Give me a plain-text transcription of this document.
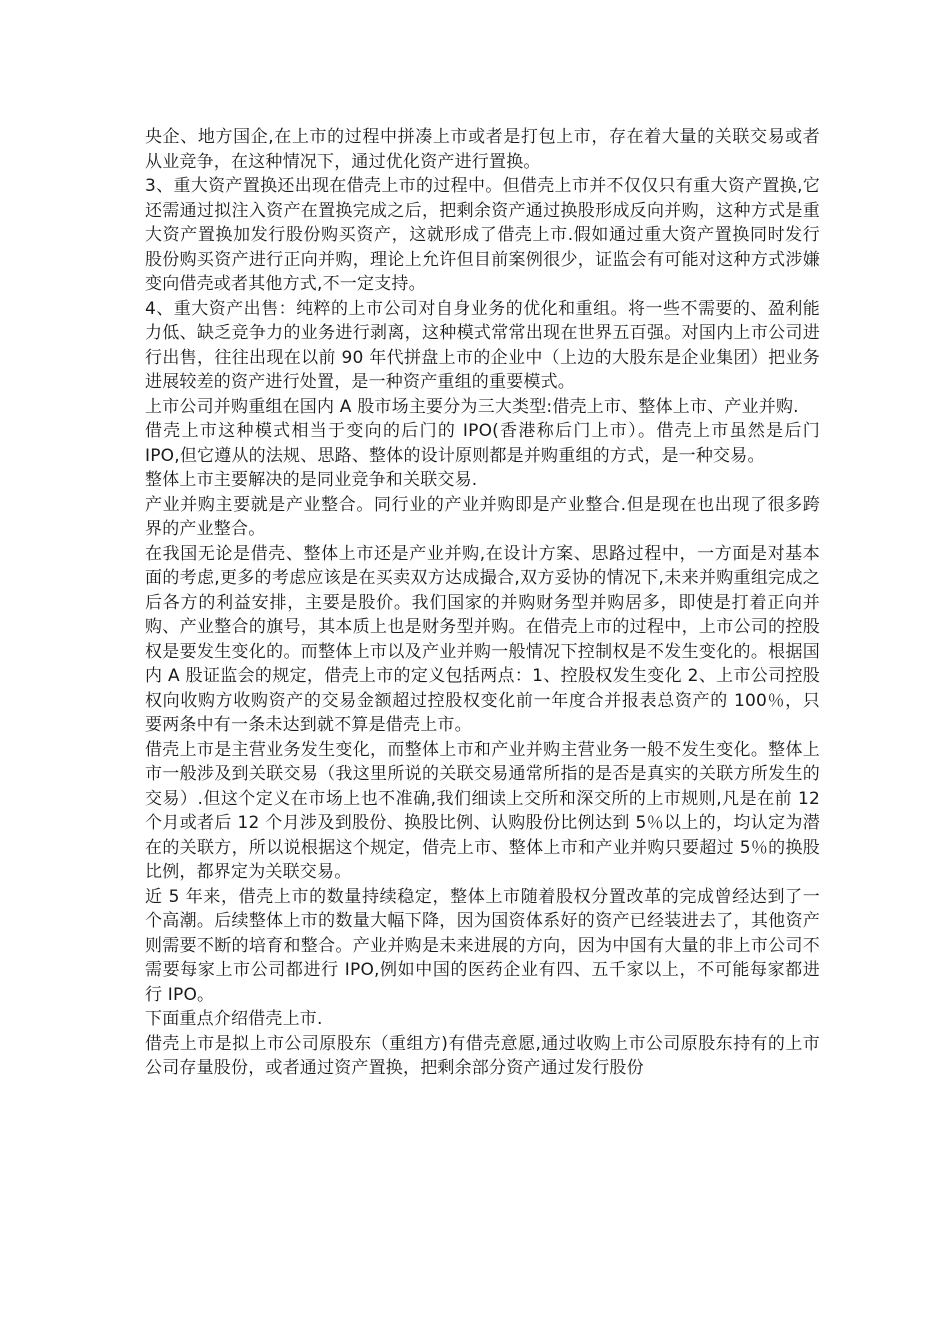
央企、地方国企,在上市的过程中拼凑上市或者是打包上市，存在着大量的关联交易或者从业竞争，在这种情况下，通过优化资产进行置换。

3、重大资产置换还出现在借壳上市的过程中。但借壳上市并不仅仅只有重大资产置换,它还需通过拟注入资产在置换完成之后，把剩余资产通过换股形成反向并购，这种方式是重大资产置换加发行股份购买资产，这就形成了借壳上市.假如通过重大资产置换同时发行股份购买资产进行正向并购，理论上允许但目前案例很少，证监会有可能对这种方式涉嫌变向借壳或者其他方式,不一定支持。

4、重大资产出售：纯粹的上市公司对自身业务的优化和重组。将一些不需要的、盈利能力低、缺乏竞争力的业务进行剥离，这种模式常常出现在世界五百强。对国内上市公司进行出售，往往出现在以前 90 年代拼盘上市的企业中（上边的大股东是企业集团）把业务进展较差的资产进行处置，是一种资产重组的重要模式。

上市公司并购重组在国内 A 股市场主要分为三大类型:借壳上市、整体上市、产业并购.

借壳上市这种模式相当于变向的后门的 IPO(香港称后门上市）。借壳上市虽然是后门 IPO,但它遵从的法规、思路、整体的设计原则都是并购重组的方式，是一种交易。

整体上市主要解决的是同业竞争和关联交易.

产业并购主要就是产业整合。同行业的产业并购即是产业整合.但是现在也出现了很多跨界的产业整合。

在我国无论是借壳、整体上市还是产业并购,在设计方案、思路过程中，一方面是对基本面的考虑,更多的考虑应该是在买卖双方达成撮合,双方妥协的情况下,未来并购重组完成之后各方的利益安排，主要是股价。我们国家的并购财务型并购居多，即使是打着正向并购、产业整合的旗号，其本质上也是财务型并购。在借壳上市的过程中，上市公司的控股权是要发生变化的。而整体上市以及产业并购一般情况下控制权是不发生变化的。根据国内 A 股证监会的规定，借壳上市的定义包括两点：1、控股权发生变化 2、上市公司控股权向收购方收购资产的交易金额超过控股权变化前一年度合并报表总资产的 100％，只要两条中有一条未达到就不算是借壳上市。

借壳上市是主营业务发生变化，而整体上市和产业并购主营业务一般不发生变化。整体上市一般涉及到关联交易（我这里所说的关联交易通常所指的是否是真实的关联方所发生的交易）.但这个定义在市场上也不准确,我们细读上交所和深交所的上市规则,凡是在前 12 个月或者后 12 个月涉及到股份、换股比例、认购股份比例达到 5％以上的，均认定为潜在的关联方，所以说根据这个规定，借壳上市、整体上市和产业并购只要超过 5％的换股比例，都界定为关联交易。

近 5 年来，借壳上市的数量持续稳定，整体上市随着股权分置改革的完成曾经达到了一个高潮。后续整体上市的数量大幅下降，因为国资体系好的资产已经装进去了，其他资产则需要不断的培育和整合。产业并购是未来进展的方向，因为中国有大量的非上市公司不需要每家上市公司都进行 IPO,例如中国的医药企业有四、五千家以上，不可能每家都进行 IPO。

下面重点介绍借壳上市.

借壳上市是拟上市公司原股东（重组方)有借壳意愿,通过收购上市公司原股东持有的上市公司存量股份，或者通过资产置换，把剩余部分资产通过发行股份
